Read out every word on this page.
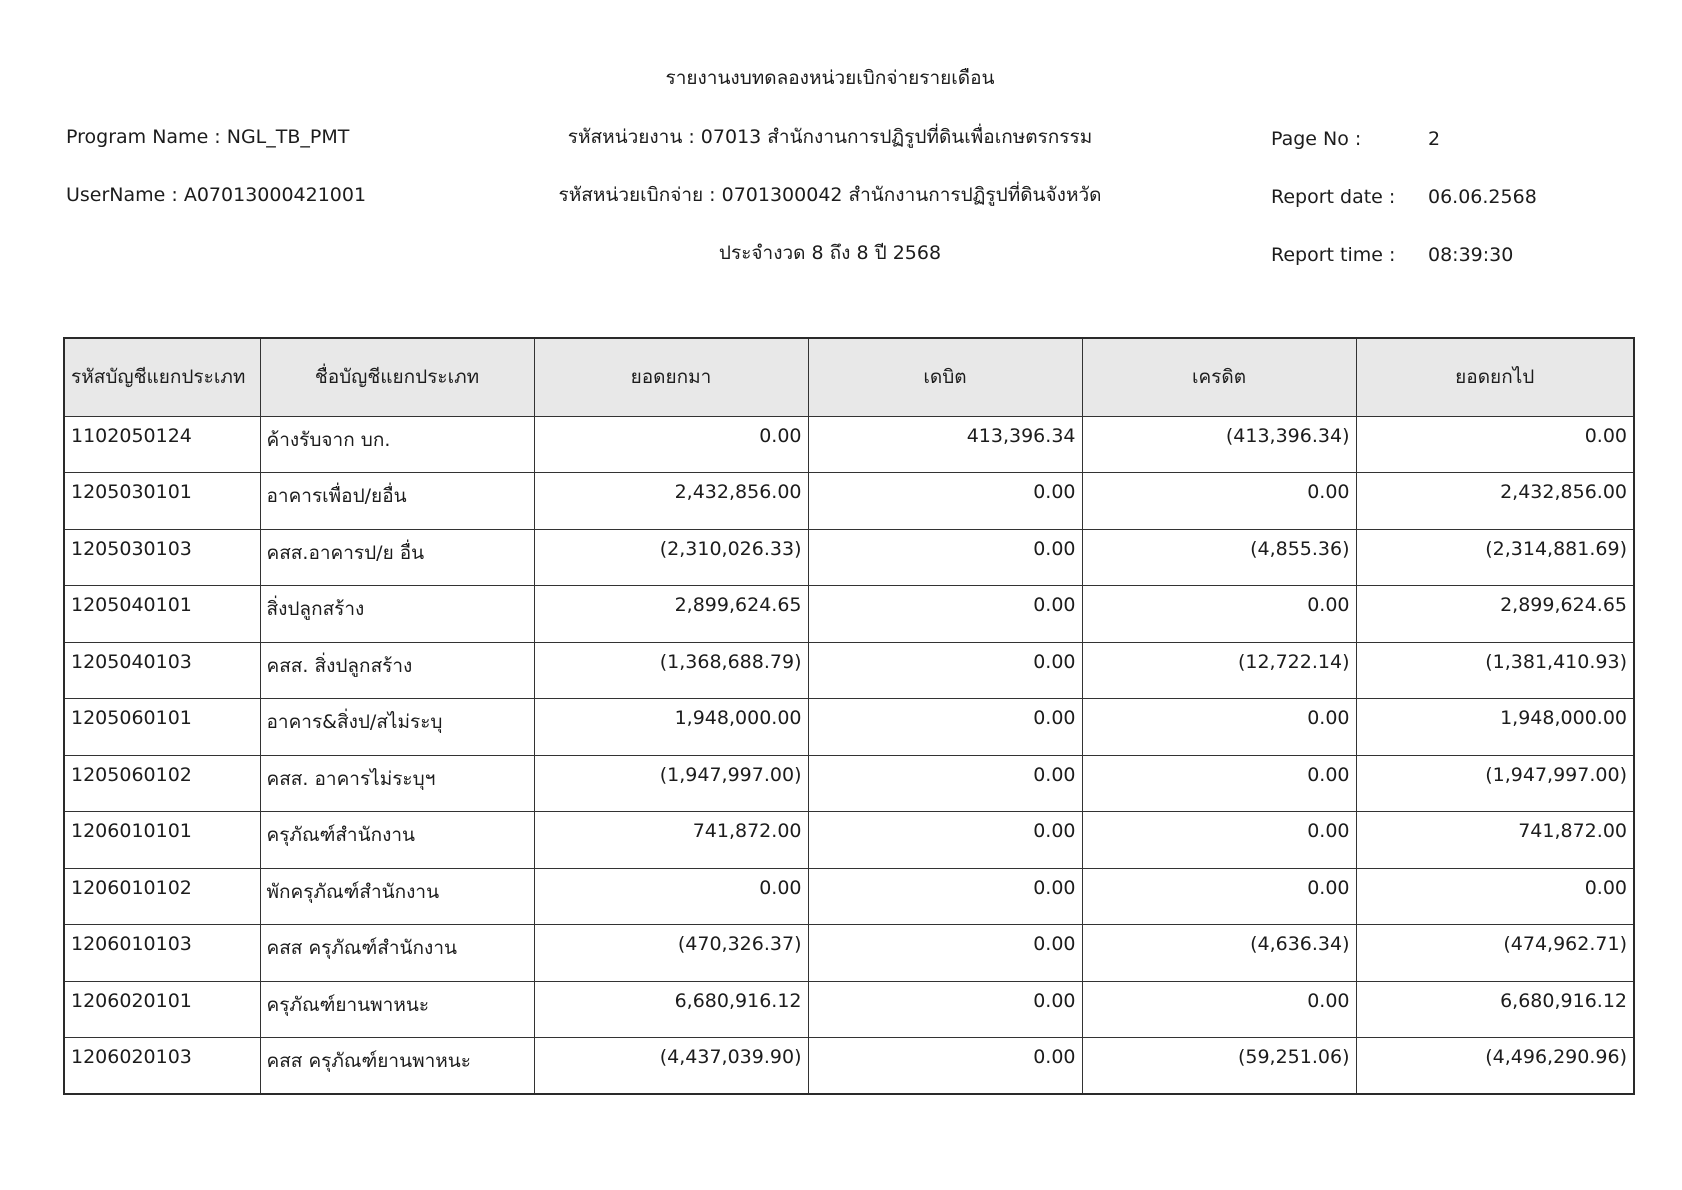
รายงานงบทดลองหน่วยเบิกจ่ายรายเดือน
Program Name : NGL_TB_PMT	รหัสหน่วยงาน : 07013 สำนักงานการปฏิรูปที่ดินเพื่อเกษตรกรรม
UserName : A07013000421001	รหัสหน่วยเบิกจ่าย : 0701300042 สำนักงานการปฏิรูปที่ดินจังหวัด
ประจำงวด 8 ถึง 8 ปี 2568
Page No :	2
Report date : 06.06.2568
Report time : 08:39:30
รหัสบัญชีแยกประเภท	ชื่อบัญชีแยกประเภท	ยอดยกมา	เดบิต	เครดิต	ยอดยกไป
1102050124	ค้างรับจาก บก.	0.00	413,396.34	(413,396.34)	0.00
1205030101	อาคารเพื่อป/ยอื่น	2,432,856.00	0.00	0.00	2,432,856.00
1205030103	คสส.อาคารป/ย อื่น	(2,310,026.33)	0.00	(4,855.36)	(2,314,881.69)
1205040101	สิ่งปลูกสร้าง	2,899,624.65	0.00	0.00	2,899,624.65
1205040103	คสส. สิ่งปลูกสร้าง	(1,368,688.79)	0.00	(12,722.14)	(1,381,410.93)
1205060101	อาคาร&สิ่งป/สไม่ระบุ	1,948,000.00	0.00	0.00	1,948,000.00
1205060102	คสส. อาคารไม่ระบุฯ	(1,947,997.00)	0.00	0.00	(1,947,997.00)
1206010101	ครุภัณฑ์สำนักงาน	741,872.00	0.00	0.00	741,872.00
1206010102	พักครุภัณฑ์สำนักงาน	0.00	0.00	0.00	0.00
1206010103	คสส ครุภัณฑ์สำนักงาน	(470,326.37)	0.00	(4,636.34)	(474,962.71)
1206020101	ครุภัณฑ์ยานพาหนะ	6,680,916.12	0.00	0.00	6,680,916.12
1206020103	คสส ครุภัณฑ์ยานพาหนะ	(4,437,039.90)	0.00	(59,251.06)	(4,496,290.96)
